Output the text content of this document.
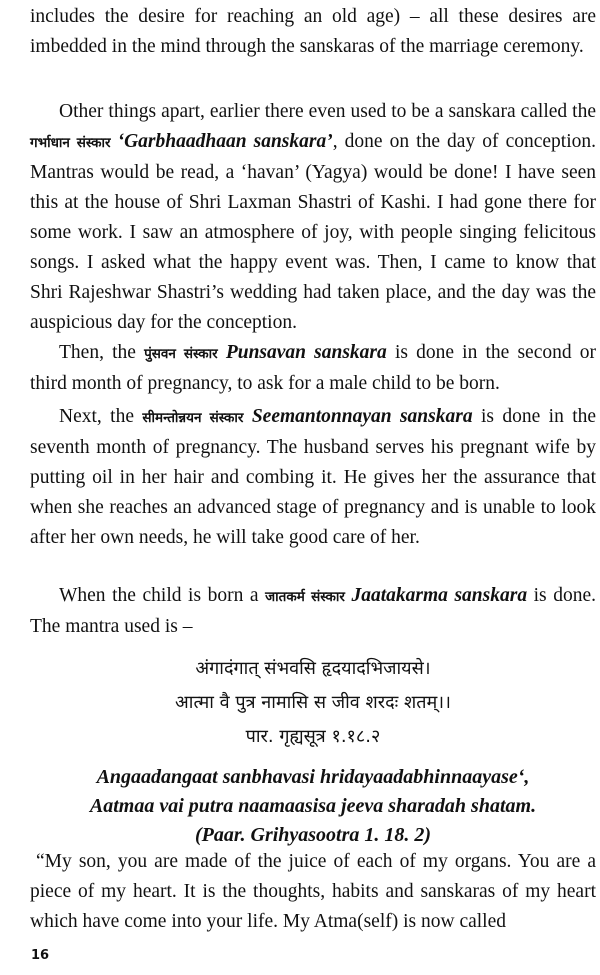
includes the desire for reaching an old age) – all these desires are imbedded in the mind through the sanskaras of the marriage ceremony.

Other things apart, earlier there even used to be a sanskara called the गर्भाधान संस्कार ‘Garbhaadhaan sanskara’, done on the day of conception. Mantras would be read, a ‘havan’ (Yagya) would be done! I have seen this at the house of Shri Laxman Shastri of Kashi. I had gone there for some work. I saw an atmosphere of joy, with people singing felicitous songs. I asked what the happy event was. Then, I came to know that Shri Rajeshwar Shastri’s wedding had taken place, and the day was the auspicious day for the conception.

Then, the पुंसवन संस्कार Punsavan sanskara is done in the second or third month of pregnancy, to ask for a male child to be born.

Next, the सीमन्तोन्नयन संस्कार Seemantonnayan sanskara is done in the seventh month of pregnancy. The husband serves his pregnant wife by putting oil in her hair and combing it. He gives her the assurance that when she reaches an advanced stage of pregnancy and is unable to look after her own needs, he will take good care of her.

When the child is born a जातकर्म संस्कार Jaatakarma sanskara is done. The mantra used is –

अंगादंगात् संभवसि हृदयादभिजायसे।

आत्मा वै पुत्र नामासि स जीव शरदः शतम्।।

पार. गृह्यसूत्र १.१८.२

Angaadangaat sanbhavasi hridayaadabhinnaayase‘,

Aatmaa vai putra naamaasisa jeeva sharadah shatam.

(Paar. Grihyasootra 1. 18. 2)

“My son, you are made of the juice of each of my organs. You are a piece of my heart. It is the thoughts, habits and sanskaras of my heart which have come into your life. My Atma(self) is now called

16
